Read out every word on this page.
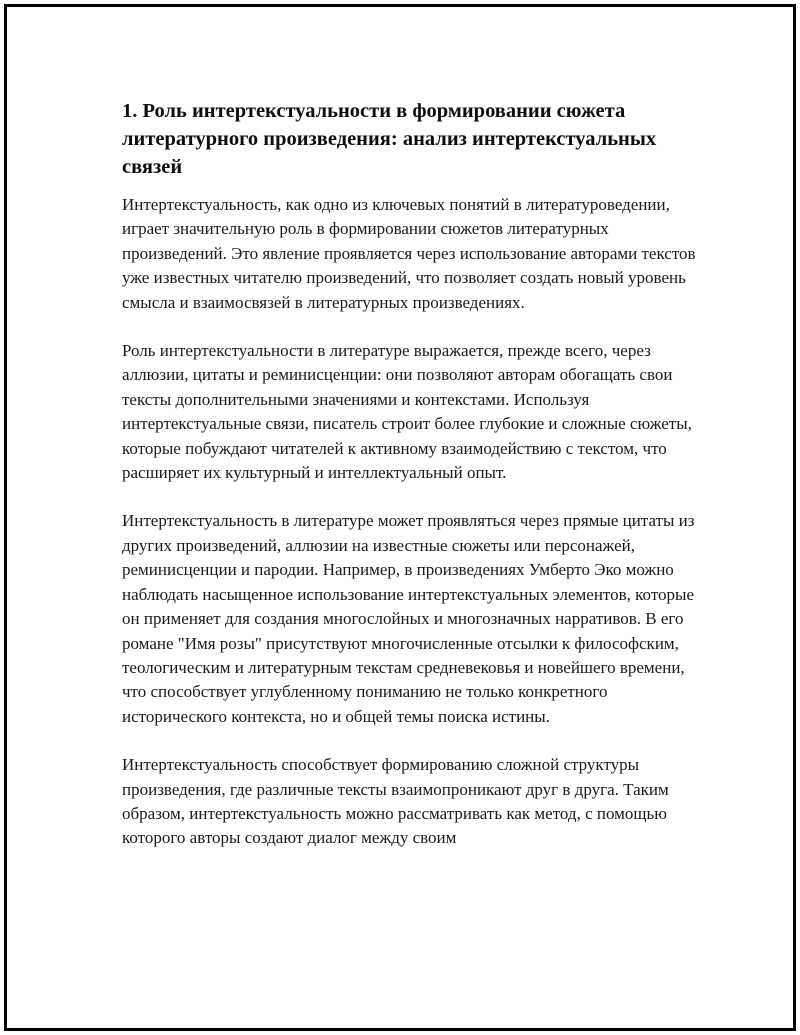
1. Роль интертекстуальности в формировании сюжета литературного произведения: анализ интертекстуальных связей

Интертекстуальность, как одно из ключевых понятий в литературоведении, играет значительную роль в формировании сюжетов литературных произведений. Это явление проявляется через использование авторами текстов уже известных читателю произведений, что позволяет создать новый уровень смысла и взаимосвязей в литературных произведениях.

Роль интертекстуальности в литературе выражается, прежде всего, через аллюзии, цитаты и реминисценции: они позволяют авторам обогащать свои тексты дополнительными значениями и контекстами. Используя интертекстуальные связи, писатель строит более глубокие и сложные сюжеты, которые побуждают читателей к активному взаимодействию с текстом, что расширяет их культурный и интеллектуальный опыт.

Интертекстуальность в литературе может проявляться через прямые цитаты из других произведений, аллюзии на известные сюжеты или персонажей, реминисценции и пародии. Например, в произведениях Умберто Эко можно наблюдать насыщенное использование интертекстуальных элементов, которые он применяет для создания многослойных и многозначных нарративов. В его романе "Имя розы" присутствуют многочисленные отсылки к философским, теологическим и литературным текстам средневековья и новейшего времени, что способствует углубленному пониманию не только конкретного исторического контекста, но и общей темы поиска истины.

Интертекстуальность способствует формированию сложной структуры произведения, где различные тексты взаимопроникают друг в друга. Таким образом, интертекстуальность можно рассматривать как метод, с помощью которого авторы создают диалог между своим
